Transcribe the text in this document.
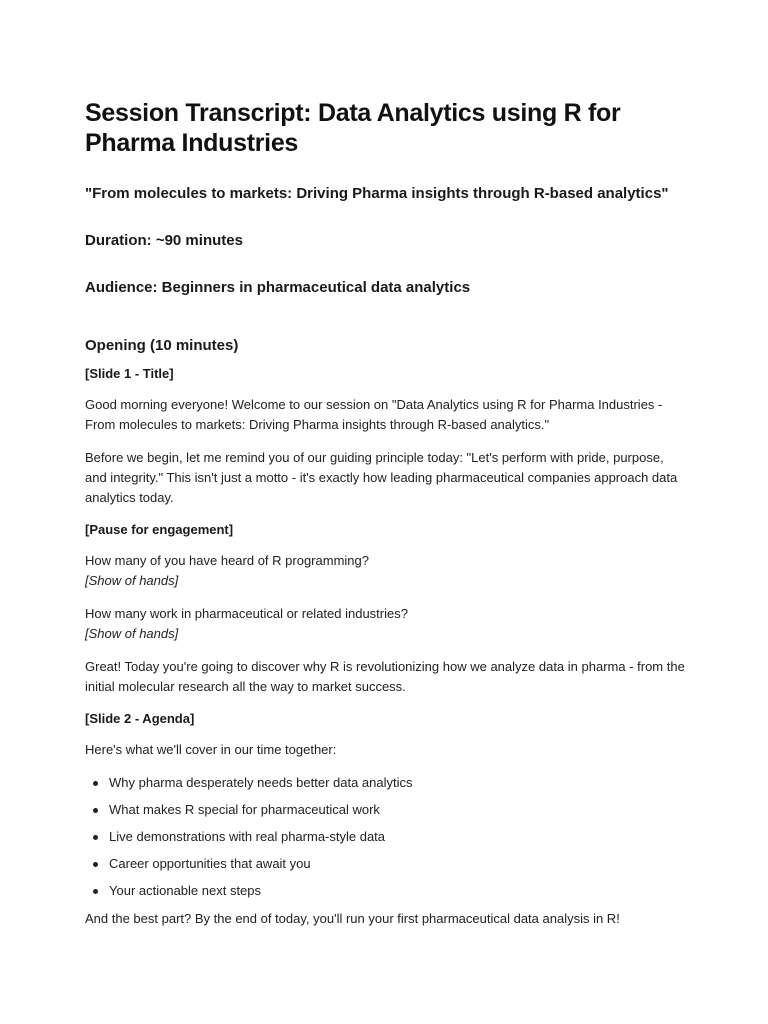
Session Transcript: Data Analytics using R for Pharma Industries

"From molecules to markets: Driving Pharma insights through R-based analytics"

Duration: ~90 minutes

Audience: Beginners in pharmaceutical data analytics

Opening (10 minutes)

[Slide 1 - Title]

Good morning everyone! Welcome to our session on "Data Analytics using R for Pharma Industries - From molecules to markets: Driving Pharma insights through R-based analytics."

Before we begin, let me remind you of our guiding principle today: "Let's perform with pride, purpose, and integrity." This isn't just a motto - it's exactly how leading pharmaceutical companies approach data analytics today.

[Pause for engagement]

How many of you have heard of R programming?
[Show of hands]

How many work in pharmaceutical or related industries?
[Show of hands]

Great! Today you're going to discover why R is revolutionizing how we analyze data in pharma - from the initial molecular research all the way to market success.

[Slide 2 - Agenda]

Here's what we'll cover in our time together:

Why pharma desperately needs better data analytics
What makes R special for pharmaceutical work
Live demonstrations with real pharma-style data
Career opportunities that await you
Your actionable next steps

And the best part? By the end of today, you'll run your first pharmaceutical data analysis in R!
